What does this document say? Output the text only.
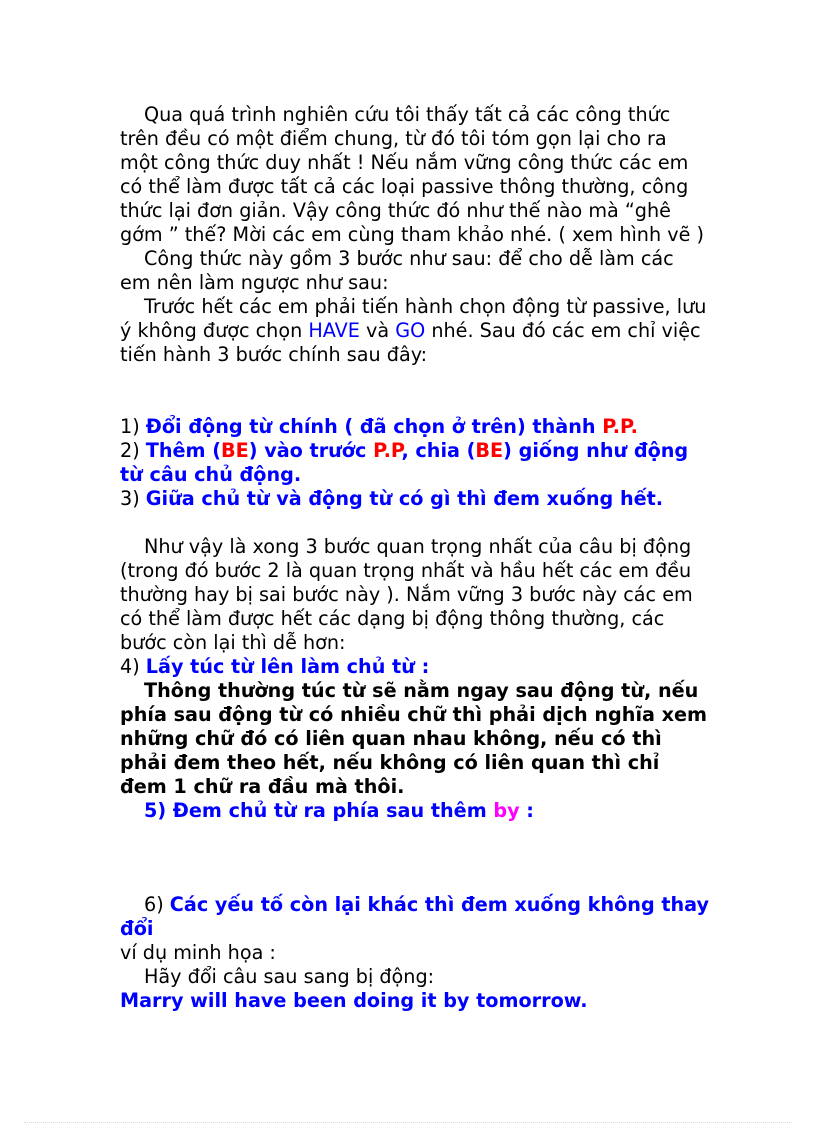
Qua quá trình nghiên cứu tôi thấy tất cả các công thức trên đều có một điểm chung, từ đó tôi tóm gọn lại cho ra một công thức duy nhất ! Nếu nắm vững công thức các em có thể làm được tất cả các loại passive thông thường, công thức lại đơn giản. Vậy công thức đó như thế nào mà “ghê gớm ” thế? Mời các em cùng tham khảo nhé. ( xem hình vẽ )

Công thức này gồm 3 bước như sau: để cho dễ làm các em nên làm ngược như sau:

Trước hết các em phải tiến hành chọn động từ passive, lưu ý không được chọn HAVE và GO nhé. Sau đó các em chỉ việc tiến hành 3 bước chính sau đây:

1) Đổi động từ chính ( đã chọn ở trên) thành P.P.

2) Thêm (BE) vào trước P.P, chia (BE) giống như động từ câu chủ động.

3) Giữa chủ từ và động từ có gì thì đem xuống hết.

Như vậy là xong 3 bước quan trọng nhất của câu bị động (trong đó bước 2 là quan trọng nhất và hầu hết các em đều thường hay bị sai bước này ). Nắm vững 3 bước này các em có thể làm được hết các dạng bị động thông thường, các bước còn lại thì dễ hơn:

4) Lấy túc từ lên làm chủ từ :

Thông thường túc từ sẽ nằm ngay sau động từ, nếu phía sau động từ có nhiều chữ thì phải dịch nghĩa xem những chữ đó có liên quan nhau không, nếu có thì phải đem theo hết, nếu không có liên quan thì chỉ đem 1 chữ ra đầu mà thôi.

5) Đem chủ từ ra phía sau thêm by :

6) Các yếu tố còn lại khác thì đem xuống không thay đổi

ví dụ minh họa :

Hãy đổi câu sau sang bị động:

Marry will have been doing it by tomorrow.
